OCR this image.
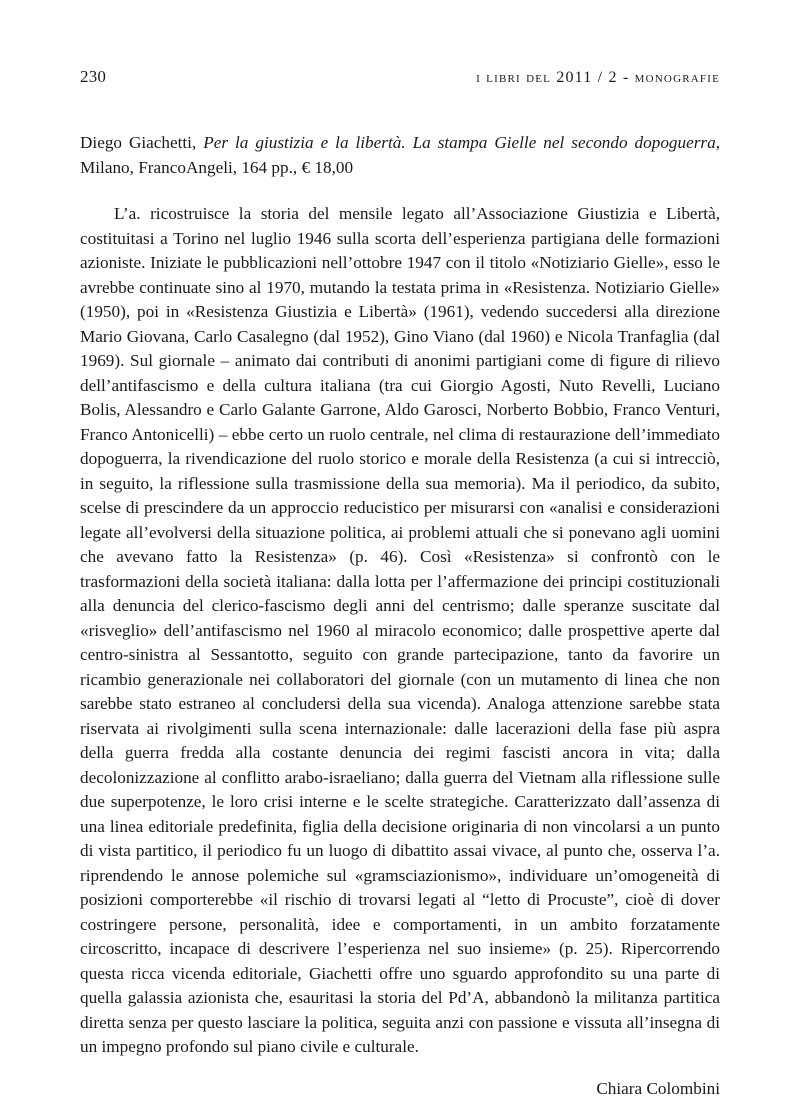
230	i libri del 2011 / 2 - monografie

Diego Giachetti, Per la giustizia e la libertà. La stampa Gielle nel secondo dopoguerra, Milano, FrancoAngeli, 164 pp., € 18,00

L’a. ricostruisce la storia del mensile legato all’Associazione Giustizia e Libertà, costituitasi a Torino nel luglio 1946 sulla scorta dell’esperienza partigiana delle formazioni azioniste. Iniziate le pubblicazioni nell’ottobre 1947 con il titolo «Notiziario Gielle», esso le avrebbe continuate sino al 1970, mutando la testata prima in «Resistenza. Notiziario Gielle» (1950), poi in «Resistenza Giustizia e Libertà» (1961), vedendo succedersi alla direzione Mario Giovana, Carlo Casalegno (dal 1952), Gino Viano (dal 1960) e Nicola Tranfaglia (dal 1969). Sul giornale – animato dai contributi di anonimi partigiani come di figure di rilievo dell’antifascismo e della cultura italiana (tra cui Giorgio Agosti, Nuto Revelli, Luciano Bolis, Alessandro e Carlo Galante Garrone, Aldo Garosci, Norberto Bobbio, Franco Venturi, Franco Antonicelli) – ebbe certo un ruolo centrale, nel clima di restaurazione dell’immediato dopoguerra, la rivendicazione del ruolo storico e morale della Resistenza (a cui si intrecciò, in seguito, la riflessione sulla trasmissione della sua memoria). Ma il periodico, da subito, scelse di prescindere da un approccio reducistico per misurarsi con «analisi e considerazioni legate all’evolversi della situazione politica, ai problemi attuali che si ponevano agli uomini che avevano fatto la Resistenza» (p. 46). Così «Resistenza» si confrontò con le trasformazioni della società italiana: dalla lotta per l’affermazione dei principi costituzionali alla denuncia del clerico-fascismo degli anni del centrismo; dalle speranze suscitate dal «risveglio» dell’antifascismo nel 1960 al miracolo economico; dalle prospettive aperte dal centro-sinistra al Sessantotto, seguito con grande partecipazione, tanto da favorire un ricambio generazionale nei collaboratori del giornale (con un mutamento di linea che non sarebbe stato estraneo al concludersi della sua vicenda). Analoga attenzione sarebbe stata riservata ai rivolgimenti sulla scena internazionale: dalle lacerazioni della fase più aspra della guerra fredda alla costante denuncia dei regimi fascisti ancora in vita; dalla decolonizzazione al conflitto arabo-israeliano; dalla guerra del Vietnam alla riflessione sulle due superpotenze, le loro crisi interne e le scelte strategiche. Caratterizzato dall’assenza di una linea editoriale predefinita, figlia della decisione originaria di non vincolarsi a un punto di vista partitico, il periodico fu un luogo di dibattito assai vivace, al punto che, osserva l’a. riprendendo le annose polemiche sul «gramsciazionismo», individuare un’omogeneità di posizioni comporterebbe «il rischio di trovarsi legati al “letto di Procuste”, cioè di dover costringere persone, personalità, idee e comportamenti, in un ambito forzatamente circoscritto, incapace di descrivere l’esperienza nel suo insieme» (p. 25). Ripercorrendo questa ricca vicenda editoriale, Giachetti offre uno sguardo approfondito su una parte di quella galassia azionista che, esauritasi la storia del Pd’A, abbandonò la militanza partitica diretta senza per questo lasciare la politica, seguita anzi con passione e vissuta all’insegna di un impegno profondo sul piano civile e culturale.

Chiara Colombini
